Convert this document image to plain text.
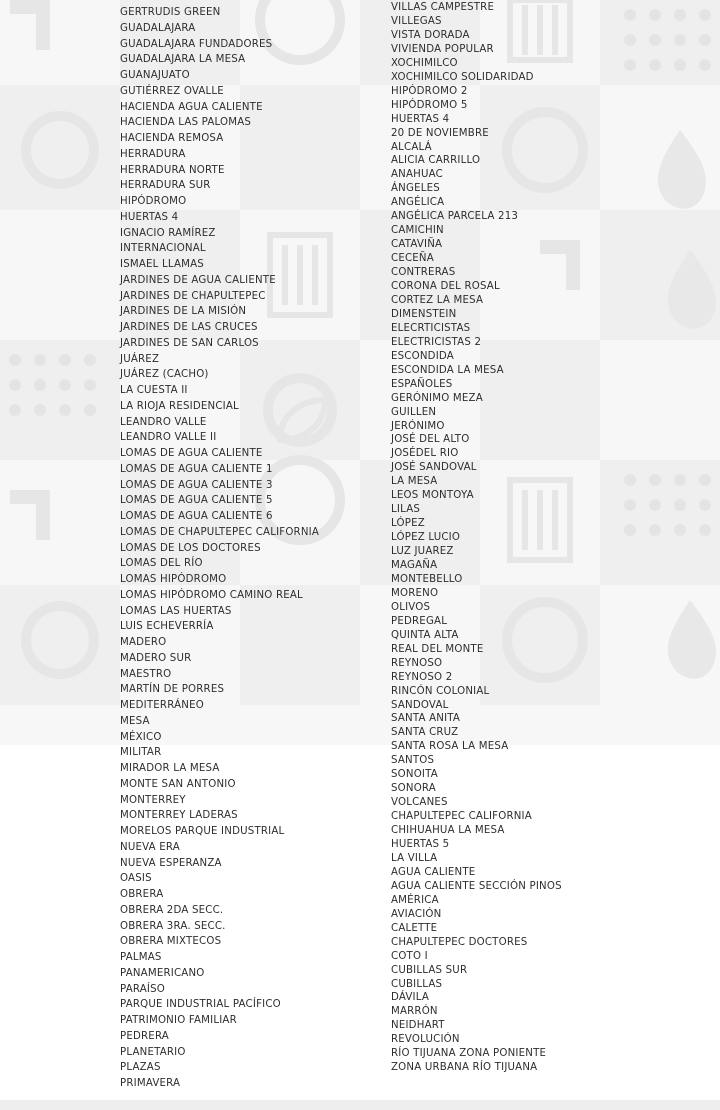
GERTRUDIS GREEN
GUADALAJARA
GUADALAJARA FUNDADORES
GUADALAJARA LA MESA
GUANAJUATO
GUTIÉRREZ OVALLE
HACIENDA AGUA CALIENTE
HACIENDA LAS PALOMAS
HACIENDA REMOSA
HERRADURA
HERRADURA NORTE
HERRADURA SUR
HIPÓDROMO
HUERTAS 4
IGNACIO RAMÍREZ
INTERNACIONAL
ISMAEL LLAMAS
JARDINES DE AGUA CALIENTE
JARDINES DE CHAPULTEPEC
JARDINES DE LA MISIÓN
JARDINES DE LAS CRUCES
JARDINES DE SAN CARLOS
JUÁREZ
JUÁREZ (CACHO)
LA CUESTA II
LA RIOJA RESIDENCIAL
LEANDRO VALLE
LEANDRO VALLE II
LOMAS DE AGUA CALIENTE
LOMAS DE AGUA CALIENTE 1
LOMAS DE AGUA CALIENTE 3
LOMAS DE AGUA CALIENTE 5
LOMAS DE AGUA CALIENTE 6
LOMAS DE CHAPULTEPEC CALIFORNIA
LOMAS DE LOS DOCTORES
LOMAS DEL RÍO
LOMAS HIPÓDROMO
LOMAS HIPÓDROMO CAMINO REAL
LOMAS LAS HUERTAS
LUIS ECHEVERRÍA
MADERO
MADERO SUR
MAESTRO
MARTÍN DE PORRES
MEDITERRÁNEO
MESA
MÉXICO
MILITAR
MIRADOR LA MESA
MONTE SAN ANTONIO
MONTERREY
MONTERREY LADERAS
MORELOS PARQUE INDUSTRIAL
NUEVA ERA
NUEVA ESPERANZA
OASIS
OBRERA
OBRERA 2DA SECC.
OBRERA 3RA. SECC.
OBRERA MIXTECOS
PALMAS
PANAMERICANO
PARAÍSO
PARQUE INDUSTRIAL PACÍFICO
PATRIMONIO FAMILIAR
PEDRERA
PLANETARIO
PLAZAS
PRIMAVERA
VILLAS CAMPESTRE
VILLEGAS
VISTA DORADA
VIVIENDA POPULAR
XOCHIMILCO
XOCHIMILCO SOLIDARIDAD
HIPÓDROMO 2
HIPÓDROMO 5
HUERTAS 4
20 DE NOVIEMBRE
ALCALÁ
ALICIA CARRILLO
ANAHUAC
ÁNGELES
ANGÉLICA
ANGÉLICA PARCELA 213
CAMICHIN
CATAVIÑA
CECEÑA
CONTRERAS
CORONA DEL ROSAL
CORTEZ LA MESA
DIMENSTEIN
ELECRTICISTAS
ELECTRICISTAS 2
ESCONDIDA
ESCONDIDA LA MESA
ESPAÑOLES
GERÓNIMO MEZA
GUILLEN
JERÓNIMO
JOSÉ DEL ALTO
JOSÉDEL RIO
JOSÉ SANDOVAL
LA MESA
LEOS MONTOYA
LILAS
LÓPEZ
LÓPEZ LUCIO
LUZ JUAREZ
MAGAÑA
MONTEBELLO
MORENO
OLIVOS
PEDREGAL
QUINTA ALTA
REAL DEL MONTE
REYNOSO
REYNOSO 2
RINCÓN COLONIAL
SANDOVAL
SANTA ANITA
SANTA CRUZ
SANTA ROSA LA MESA
SANTOS
SONOITA
SONORA
VOLCANES
CHAPULTEPEC CALIFORNIA
CHIHUAHUA LA MESA
HUERTAS 5
LA VILLA
AGUA CALIENTE
AGUA CALIENTE SECCIÓN PINOS
AMÉRICA
AVIACIÓN
CALETTE
CHAPULTEPEC DOCTORES
COTO I
CUBILLAS SUR
CUBILLAS
DÁVILA
MARRÓN
NEIDHART
REVOLUCIÓN
RÍO TIJUANA ZONA PONIENTE
ZONA URBANA RÍO TIJUANA
